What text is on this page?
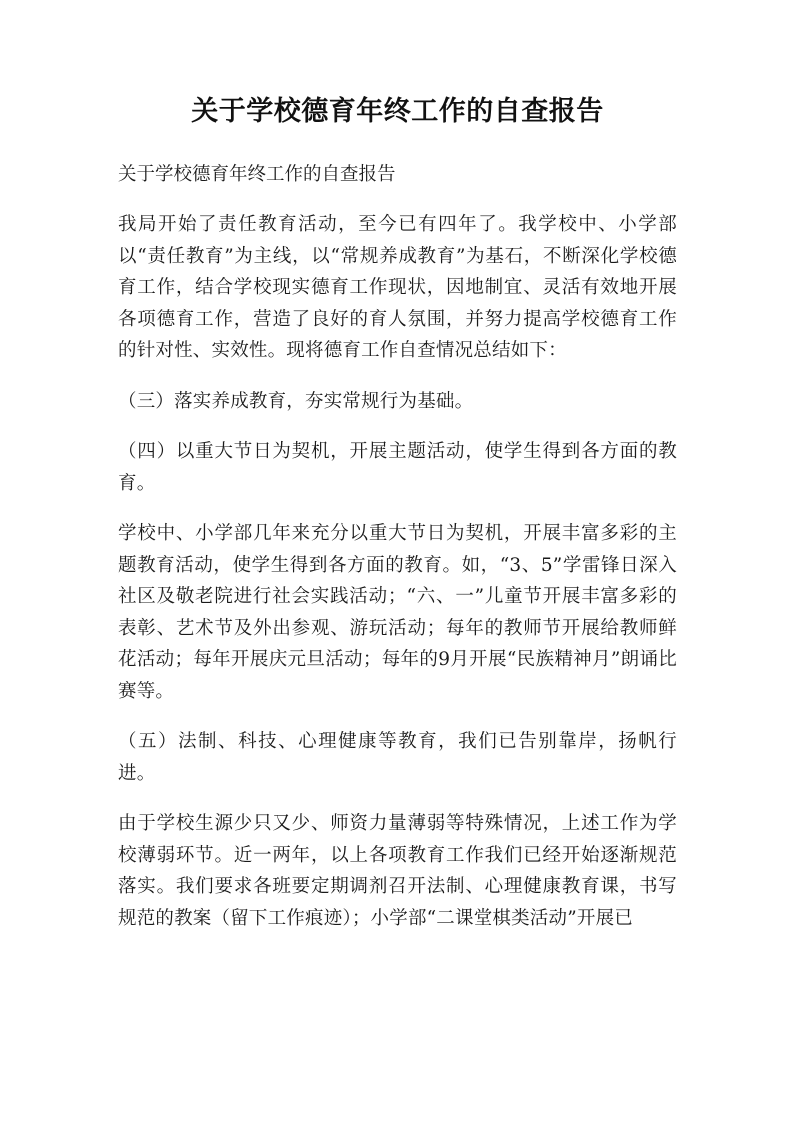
关于学校德育年终工作的自查报告

关于学校德育年终工作的自查报告

我局开始了责任教育活动，至今已有四年了。我学校中、小学部以“责任教育”为主线，以“常规养成教育”为基石，不断深化学校德育工作，结合学校现实德育工作现状，因地制宜、灵活有效地开展各项德育工作，营造了良好的育人氛围，并努力提高学校德育工作的针对性、实效性。现将德育工作自查情况总结如下：

（三）落实养成教育，夯实常规行为基础。

（四）以重大节日为契机，开展主题活动，使学生得到各方面的教育。

学校中、小学部几年来充分以重大节日为契机，开展丰富多彩的主题教育活动，使学生得到各方面的教育。如，“3、5”学雷锋日深入社区及敬老院进行社会实践活动；“六、一”儿童节开展丰富多彩的表彰、艺术节及外出参观、游玩活动；每年的教师节开展给教师鲜花活动；每年开展庆元旦活动；每年的9月开展“民族精神月”朗诵比赛等。

（五）法制、科技、心理健康等教育，我们已告别靠岸，扬帆行进。

由于学校生源少只又少、师资力量薄弱等特殊情况，上述工作为学校薄弱环节。近一两年，以上各项教育工作我们已经开始逐渐规范落实。我们要求各班要定期调剂召开法制、心理健康教育课，书写规范的教案（留下工作痕迹）；小学部“二课堂棋类活动”开展已
